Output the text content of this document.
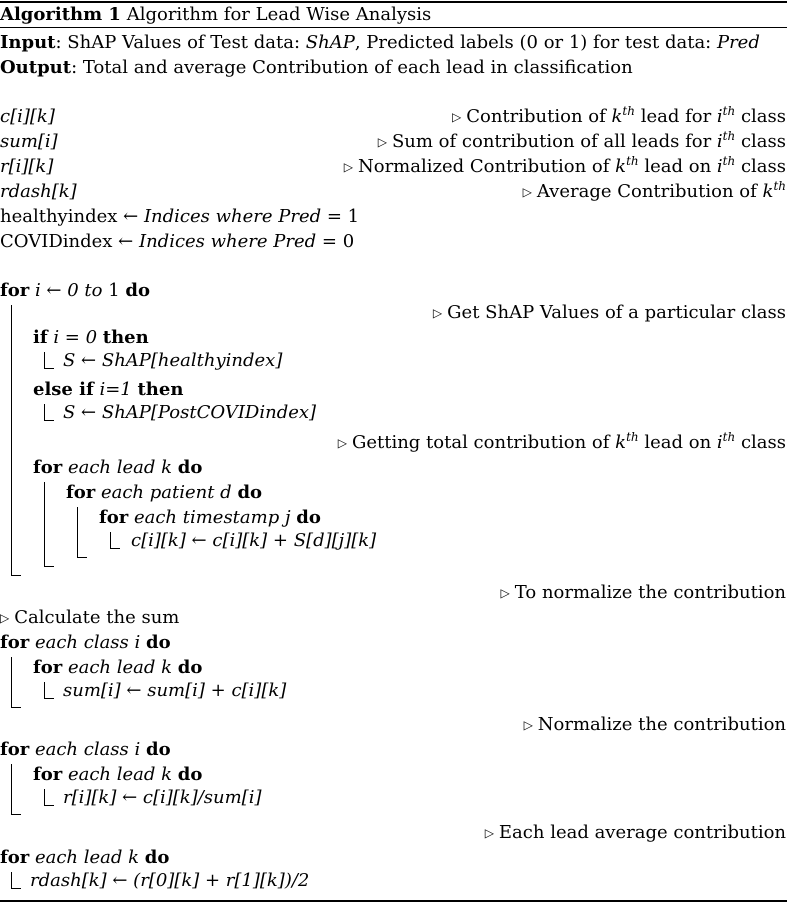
Algorithm 1 Algorithm for Lead Wise Analysis
Input: ShAP Values of Test data: ShAP, Predicted labels (0 or 1) for test data: Pred
Output: Total and average Contribution of each lead in classification
c[i][k]	▷ Contribution of $k^{th}$ lead for $i^{th}$ class
sum[i]	▷ Sum of contribution of all leads for $i^{th}$ class
r[i][k]	▷ Normalized Contribution of $k^{th}$ lead on $i^{th}$ class
rdash[k]	▷ Average Contribution of $k^{th}$
healthyindex ← Indices where Pred = 1
COVIDindex ← Indices where Pred = 0
for i ← 0 to 1 do
▷ Get ShAP Values of a particular class
if i = 0 then
S ← ShAP[healthyindex]
else if i=1 then
S ← ShAP[PostCOVIDindex]
▷ Getting total contribution of $k^{th}$ lead on $i^{th}$ class
for each lead k do
for each patient d do
for each timestamp j do
c[i][k] ← c[i][k] + S[d][j][k]
▷ To normalize the contribution
▷ Calculate the sum
for each class i do
for each lead k do
sum[i] ← sum[i] + c[i][k]
▷ Normalize the contribution
for each class i do
for each lead k do
r[i][k] ← c[i][k]/sum[i]
▷ Each lead average contribution
for each lead k do
rdash[k] ← (r[0][k] + r[1][k])/2
